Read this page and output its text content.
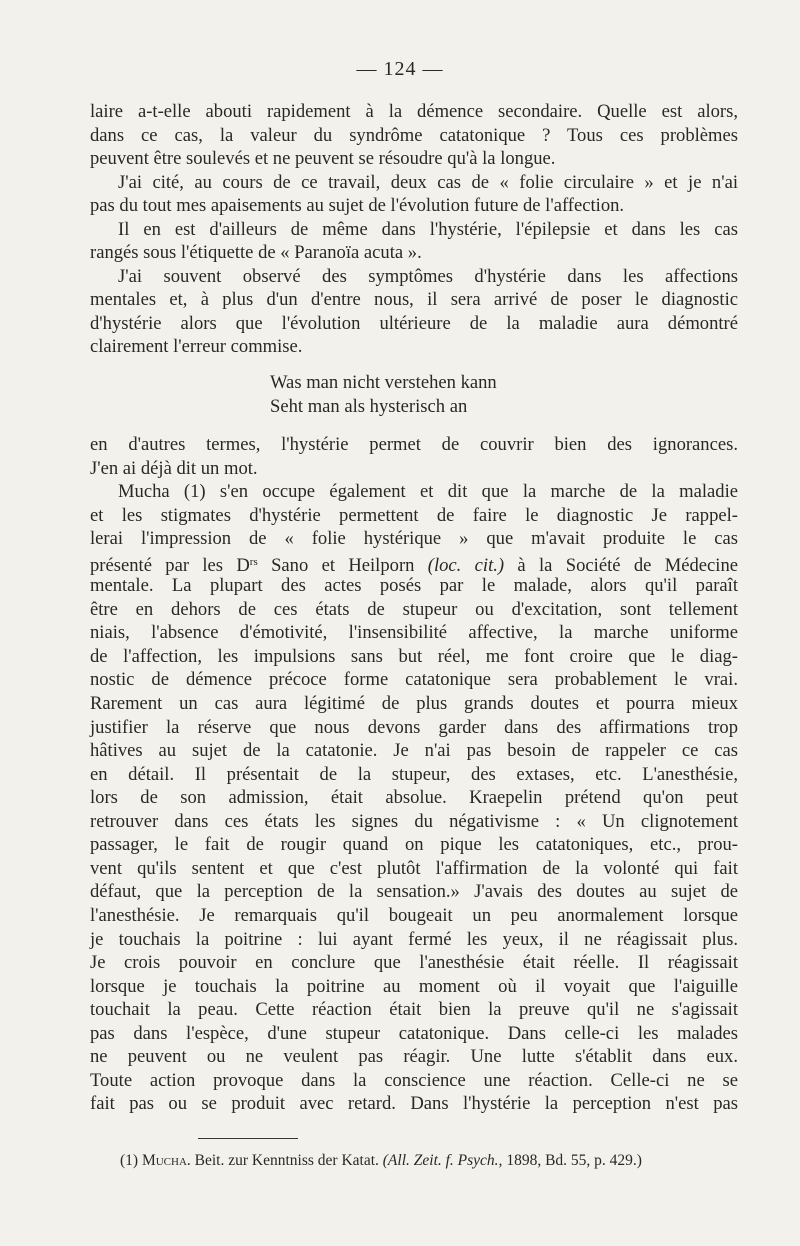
— 124 —
laire a-t-elle abouti rapidement à la démence secondaire. Quelle est alors,
dans ce cas, la valeur du syndrôme catatonique ? Tous ces problèmes
peuvent être soulevés et ne peuvent se résoudre qu'à la longue.
J'ai cité, au cours de ce travail, deux cas de « folie circulaire » et je n'ai
pas du tout mes apaisements au sujet de l'évolution future de l'affection.
Il en est d'ailleurs de même dans l'hystérie, l'épilepsie et dans les cas
rangés sous l'étiquette de « Paranoïa acuta ».
J'ai souvent observé des symptômes d'hystérie dans les affections
mentales et, à plus d'un d'entre nous, il sera arrivé de poser le diagnostic
d'hystérie alors que l'évolution ultérieure de la maladie aura démontré
clairement l'erreur commise.
Was man nicht verstehen kann
Seht man als hysterisch an
en d'autres termes, l'hystérie permet de couvrir bien des ignorances.
J'en ai déjà dit un mot.
Mucha (1) s'en occupe également et dit que la marche de la maladie
et les stigmates d'hystérie permettent de faire le diagnostic Je rappel-
lerai l'impression de « folie hystérique » que m'avait produite le cas
présenté par les $D^{rs}$ Sano et Heilporn (loc. cit.) à la Société de Médecine
mentale. La plupart des actes posés par le malade, alors qu'il paraît
être en dehors de ces états de stupeur ou d'excitation, sont tellement
niais, l'absence d'émotivité, l'insensibilité affective, la marche uniforme
de l'affection, les impulsions sans but réel, me font croire que le diag-
nostic de démence précoce forme catatonique sera probablement le vrai.
Rarement un cas aura légitimé de plus grands doutes et pourra mieux
justifier la réserve que nous devons garder dans des affirmations trop
hâtives au sujet de la catatonie. Je n'ai pas besoin de rappeler ce cas
en détail. Il présentait de la stupeur, des extases, etc. L'anesthésie,
lors de son admission, était absolue. Kraepelin prétend qu'on peut
retrouver dans ces états les signes du négativisme : « Un clignotement
passager, le fait de rougir quand on pique les catatoniques, etc., prou-
vent qu'ils sentent et que c'est plutôt l'affirmation de la volonté qui fait
défaut, que la perception de la sensation.» J'avais des doutes au sujet de
l'anesthésie. Je remarquais qu'il bougeait un peu anormalement lorsque
je touchais la poitrine : lui ayant fermé les yeux, il ne réagissait plus.
Je crois pouvoir en conclure que l'anesthésie était réelle. Il réagissait
lorsque je touchais la poitrine au moment où il voyait que l'aiguille
touchait la peau. Cette réaction était bien la preuve qu'il ne s'agissait
pas dans l'espèce, d'une stupeur catatonique. Dans celle-ci les malades
ne peuvent ou ne veulent pas réagir. Une lutte s'établit dans eux.
Toute action provoque dans la conscience une réaction. Celle-ci ne se
fait pas ou se produit avec retard. Dans l'hystérie la perception n'est pas
(1) Mucha. Beit. zur Kenntniss der Katat. (All. Zeit. f. Psych., 1898, Bd. 55, p. 429.)
